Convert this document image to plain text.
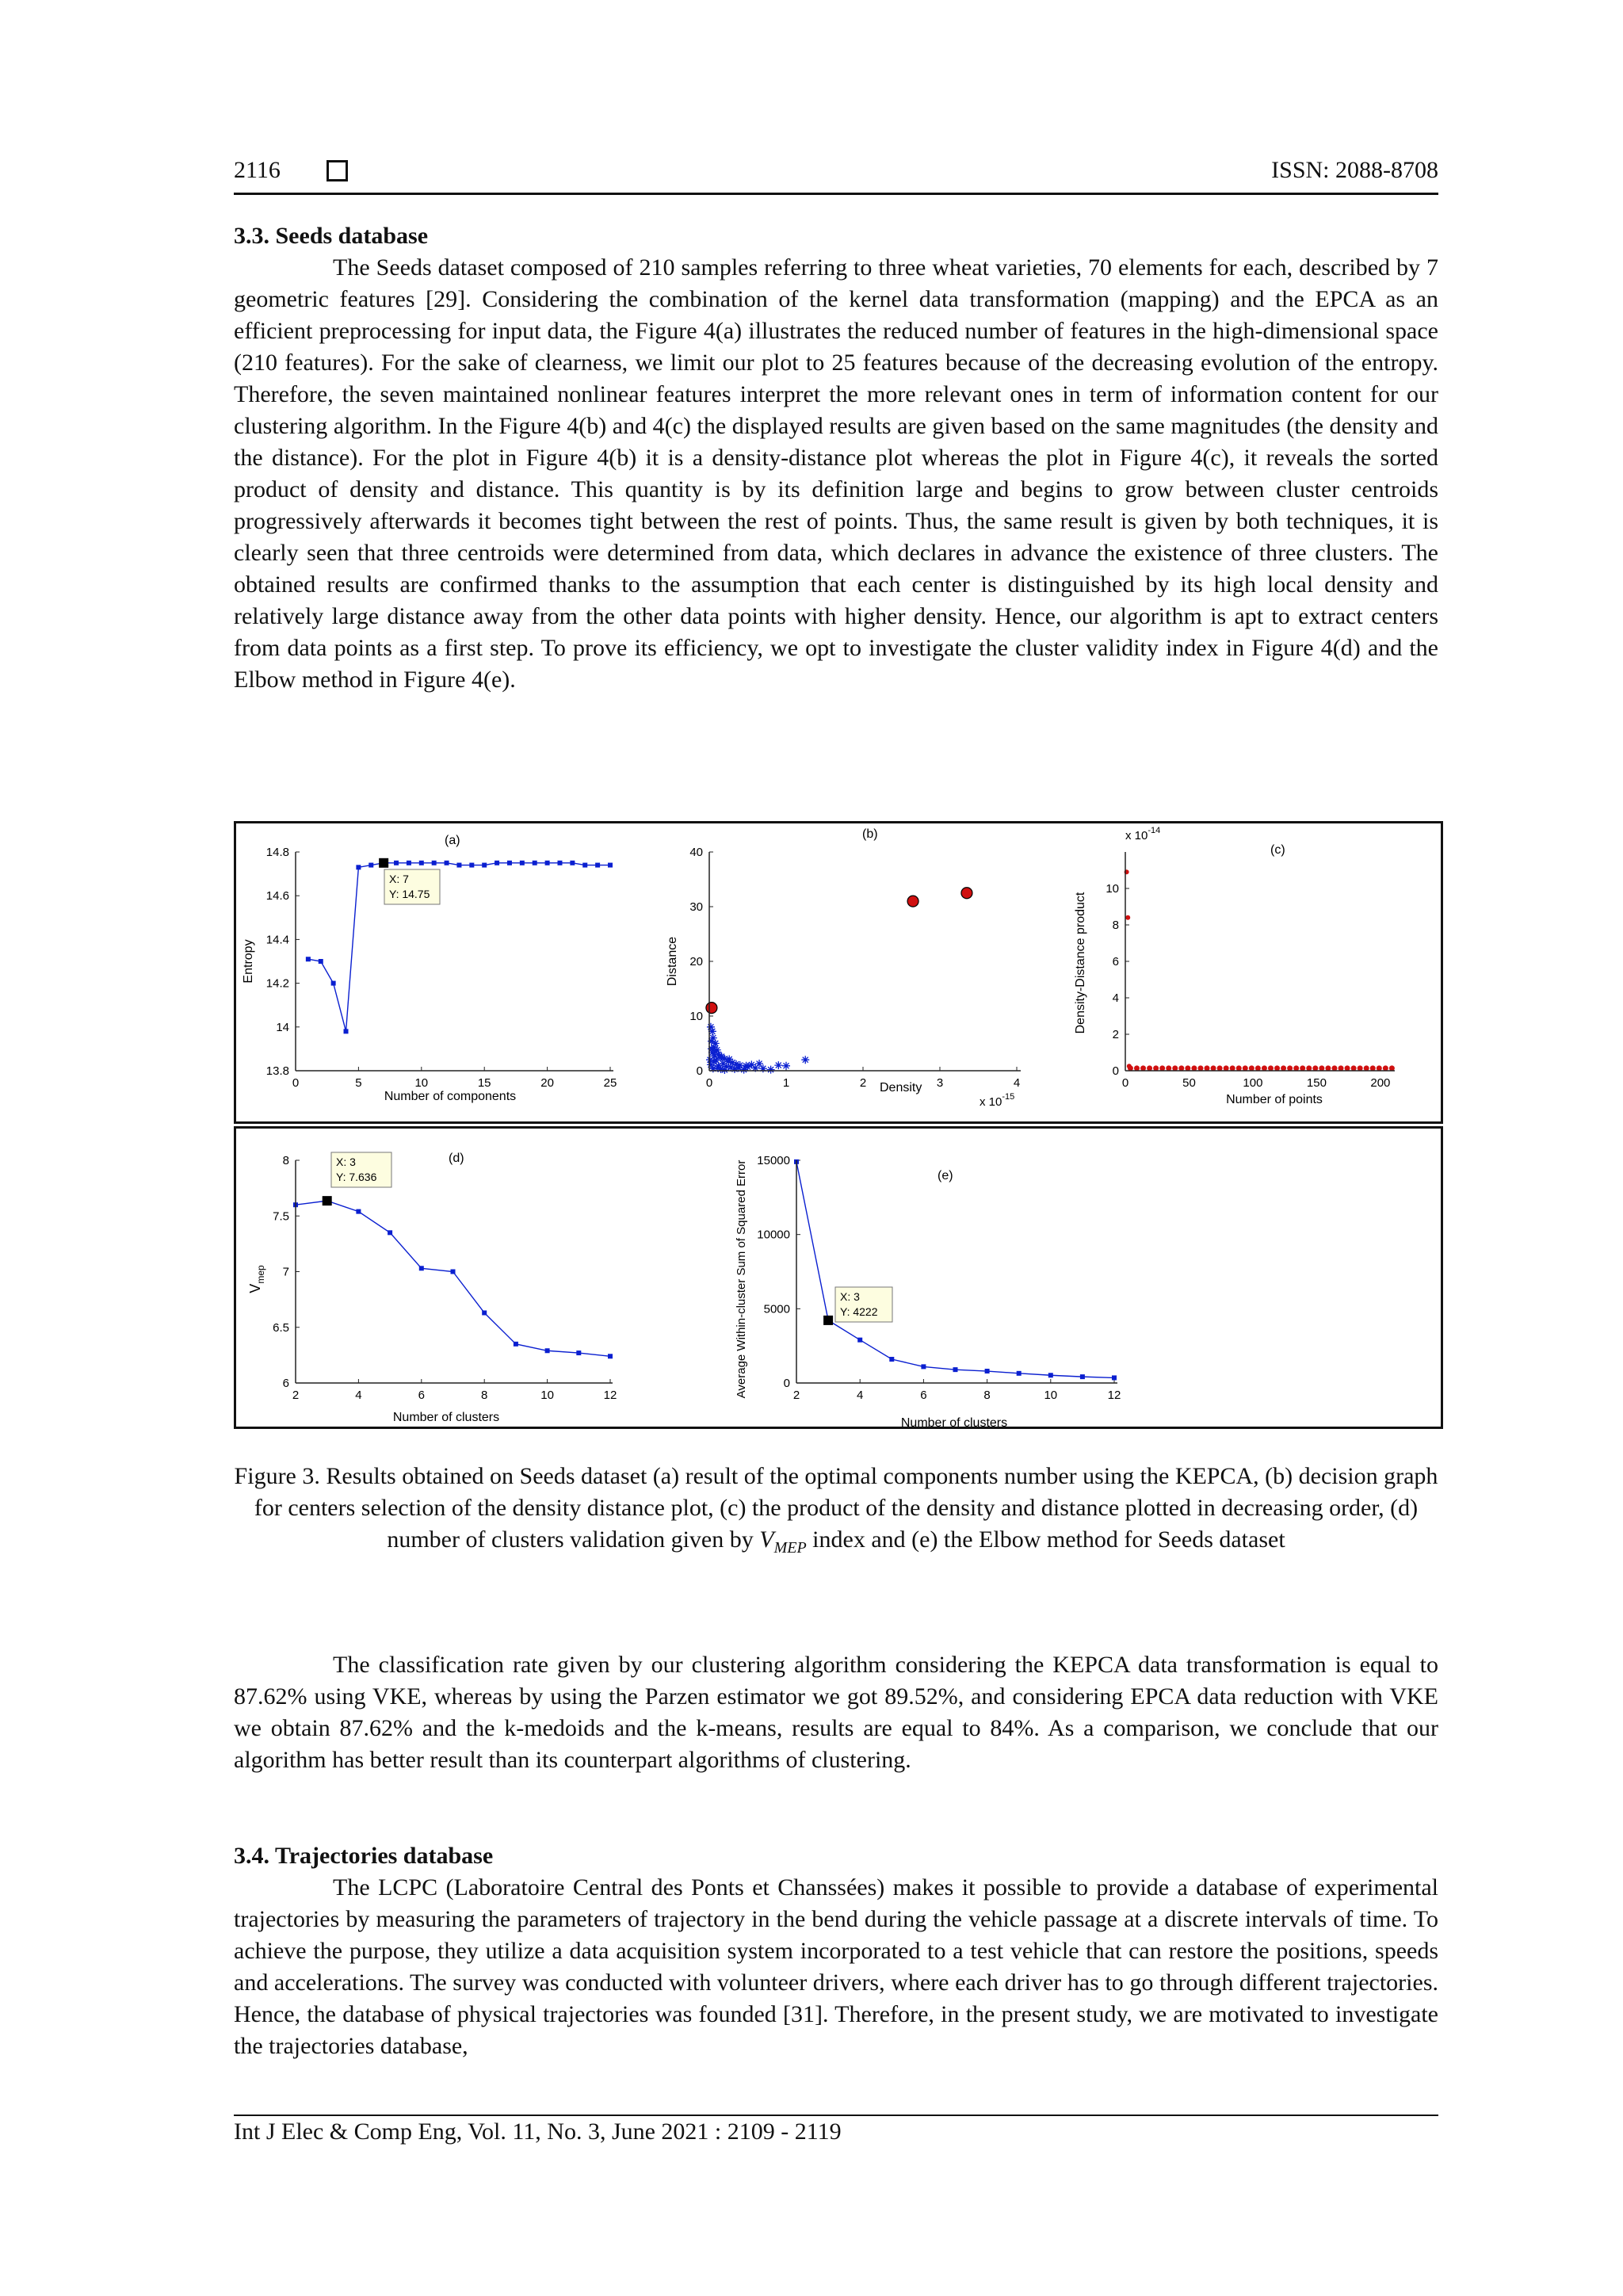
2116	ISSN: 2088-8708
3.3. Seeds database

The Seeds dataset composed of 210 samples referring to three wheat varieties, 70 elements for each, described by 7 geometric features [29]. Considering the combination of the kernel data transformation (mapping) and the EPCA as an efficient preprocessing for input data, the Figure 4(a) illustrates the reduced number of features in the high-dimensional space (210 features). For the sake of clearness, we limit our plot to 25 features because of the decreasing evolution of the entropy. Therefore, the seven maintained nonlinear features interpret the more relevant ones in term of information content for our clustering algorithm. In the Figure 4(b) and 4(c) the displayed results are given based on the same magnitudes (the density and the distance). For the plot in Figure 4(b) it is a density-distance plot whereas the plot in Figure 4(c), it reveals the sorted product of density and distance. This quantity is by its definition large and begins to grow between cluster centroids progressively afterwards it becomes tight between the rest of points. Thus, the same result is given by both techniques, it is clearly seen that three centroids were determined from data, which declares in advance the existence of three clusters. The obtained results are confirmed thanks to the assumption that each center is distinguished by its high local density and relatively large distance away from the other data points with higher density. Hence, our algorithm is apt to extract centers from data points as a first step. To prove its efficiency, we opt to investigate the cluster validity index in Figure 4(d) and the Elbow method in Figure 4(e).

0	5	10	15	20	25
13.8
14
14.2
14.4
14.6
14.8
(a)
Number of components
Entropy
X: 7
Y: 14.75
0	1	2	3	4
0
10
20
30
40
(b)
Density
x $10^{-15}$
Distance
0	50	100	150	200
0
2
4
6
8
10
(c)
x $10^{-14}$
Number of points
Density-Distance product
2	4	6	8	10	12
6
6.5
7
7.5
8	(d)
Number of clusters
$V_{mep}$
X: 3
Y: 7.636
2	4	6	8	10	12
0
5000
10000
15000
(e)
Number of clusters
Average Within-cluster Sum of Squared Error	X: 3
Y: 4222

Figure 3. Results obtained on Seeds dataset (a) result of the optimal components number using the KEPCA, (b) decision graph for centers selection of the density distance plot, (c) the product of the density and distance plotted in decreasing order, (d) number of clusters validation given by $V_{MEP}$ index and (e) the Elbow method for Seeds dataset

The classification rate given by our clustering algorithm considering the KEPCA data transformation is equal to 87.62% using VKE, whereas by using the Parzen estimator we got 89.52%, and considering EPCA data reduction with VKE we obtain 87.62% and the k-medoids and the k-means, results are equal to 84%. As a comparison, we conclude that our algorithm has better result than its counterpart algorithms of clustering.

3.4. Trajectories database

The LCPC (Laboratoire Central des Ponts et Chanssées) makes it possible to provide a database of experimental trajectories by measuring the parameters of trajectory in the bend during the vehicle passage at a discrete intervals of time. To achieve the purpose, they utilize a data acquisition system incorporated to a test vehicle that can restore the positions, speeds and accelerations. The survey was conducted with volunteer drivers, where each driver has to go through different trajectories. Hence, the database of physical trajectories was founded [31]. Therefore, in the present study, we are motivated to investigate the trajectories database,

Int J Elec & Comp Eng, Vol. 11, No. 3, June 2021 : 2109 - 2119
